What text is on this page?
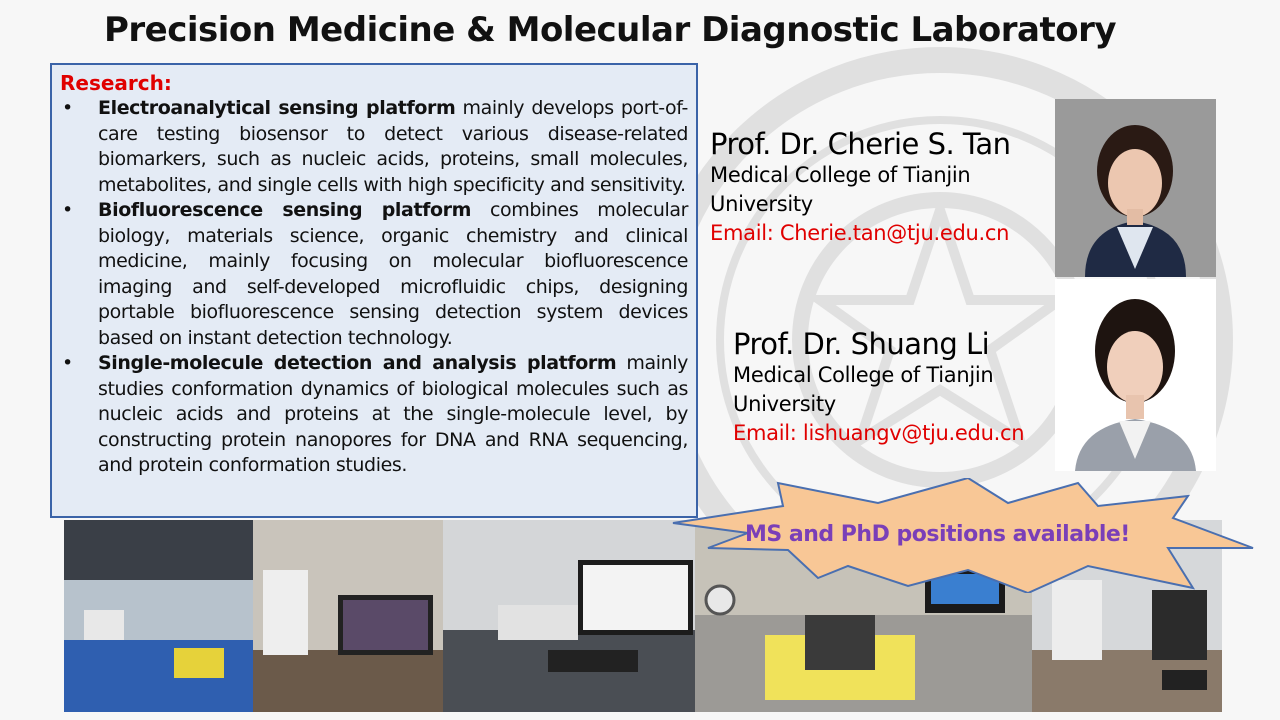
Precision Medicine & Molecular Diagnostic Laboratory
Research:
• Electroanalytical sensing platform mainly develops port-of-care testing biosensor to detect various disease-related biomarkers, such as nucleic acids, proteins, small molecules, metabolites, and single cells with high specificity and sensitivity.
• Biofluorescence sensing platform combines molecular biology, materials science, organic chemistry and clinical medicine, mainly focusing on molecular biofluorescence imaging and self-developed microfluidic chips, designing portable biofluorescence sensing detection system devices based on instant detection technology.
• Single-molecule detection and analysis platform mainly studies conformation dynamics of biological molecules such as nucleic acids and proteins at the single-molecule level, by constructing protein nanopores for DNA and RNA sequencing, and protein conformation studies.
Prof. Dr. Cherie S. Tan
Medical College of Tianjin
University
Email: Cherie.tan@tju.edu.cn
Prof. Dr. Shuang Li
Medical College of Tianjin
University
Email: lishuangv@tju.edu.cn
MS and PhD positions available!
